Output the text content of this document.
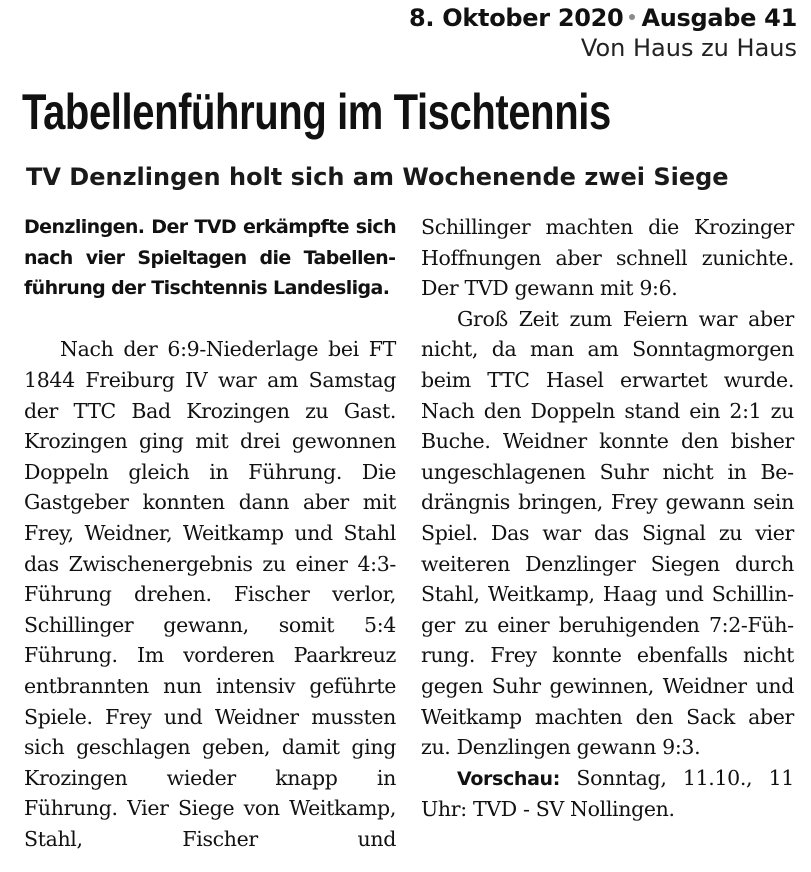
8. Oktober 2020 Ausgabe 41
Von Haus zu Haus
Tabellenführung im Tischtennis
TV Denzlingen holt sich am Wochenende zwei Siege

Denzlingen. Der TVD erkämpfte sich nach vier Spieltagen die Tabellenführung der Tischtennis Landesliga.

Nach der 6:9-Niederlage bei FT 1844 Freiburg IV war am Samstag der TTC Bad Krozingen zu Gast. Krozingen ging mit drei gewonnen Doppeln gleich in Führung. Die Gastgeber konnten dann aber mit Frey, Weidner, Weitkamp und Stahl das Zwischenergebnis zu einer 4:3-Führung drehen. Fischer verlor, Schillinger gewann, somit 5:4 Führung. Im vorderen Paarkreuz entbrannten nun intensiv geführte Spiele. Frey und Weidner mussten sich geschlagen geben, damit ging Krozingen wieder knapp in Führung. Vier Siege von Weitkamp, Stahl, Fischer und

Schillinger machten die Krozinger Hoffnungen aber schnell zunichte. Der TVD gewann mit 9:6.

Groß Zeit zum Feiern war aber nicht, da man am Sonntagmorgen beim TTC Hasel erwartet wurde. Nach den Doppeln stand ein 2:1 zu Buche. Weidner konnte den bisher ungeschlagenen Suhr nicht in Bedrängnis bringen, Frey gewann sein Spiel. Das war das Signal zu vier weiteren Denzlinger Siegen durch Stahl, Weitkamp, Haag und Schillinger zu einer beruhigenden 7:2-Führung. Frey konnte ebenfalls nicht gegen Suhr gewinnen, Weidner und Weitkamp machten den Sack aber zu. Denzlingen gewann 9:3.

Vorschau: Sonntag, 11.10., 11 Uhr: TVD - SV Nollingen.
